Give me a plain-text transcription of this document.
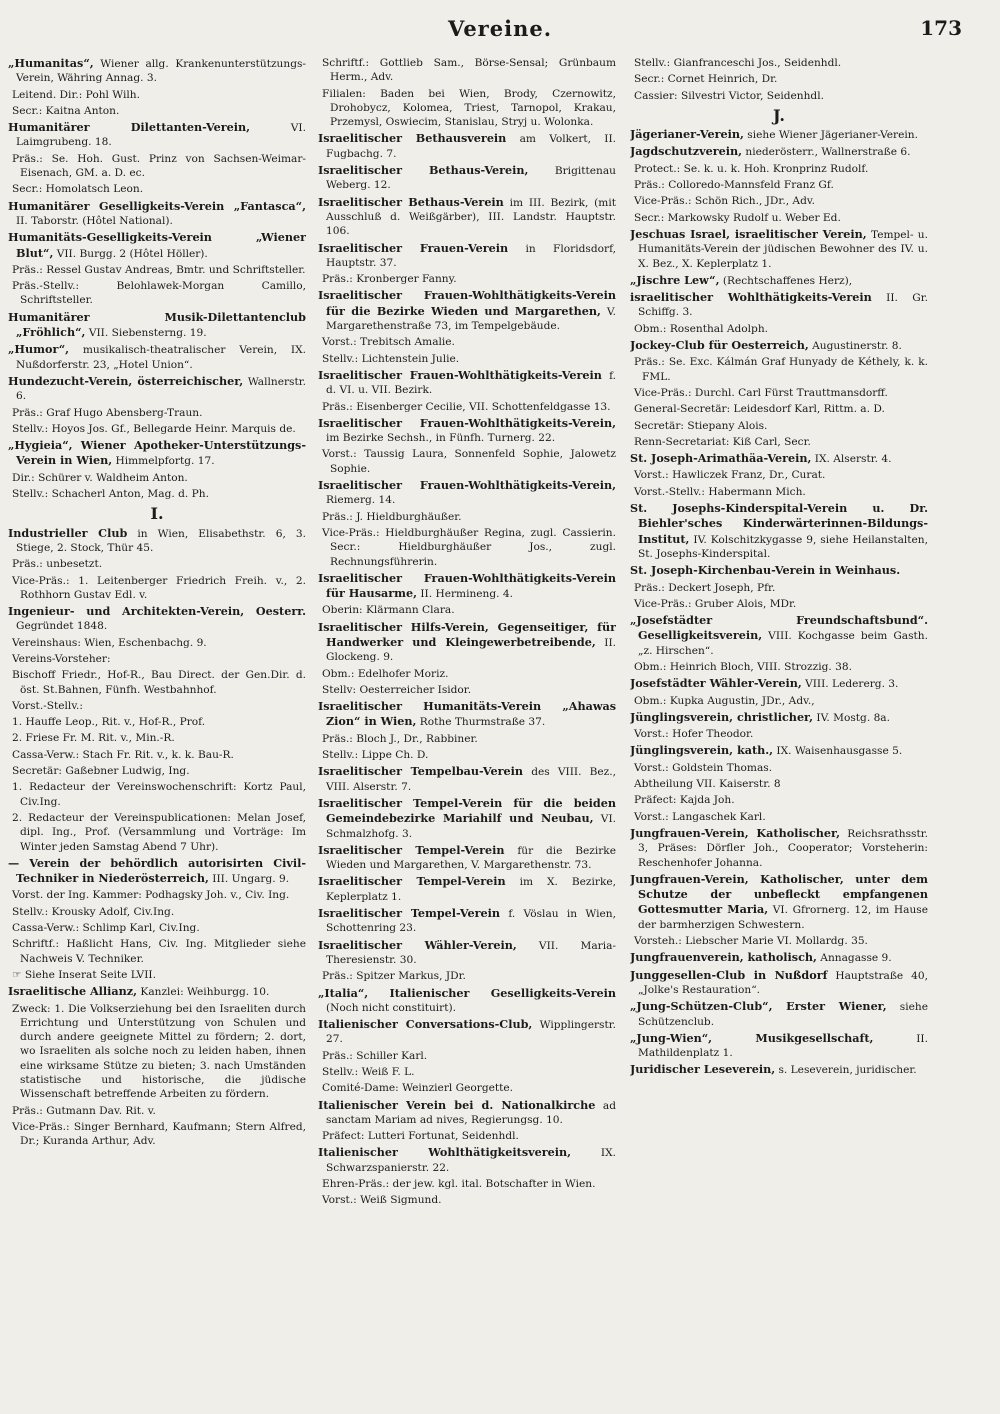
Vereine.	173
„Humanitas“, Wiener allg. Krankenunterstützungs-Verein, Währing Annag. 3.
Leitend. Dir.: Pohl Wilh.
Secr.: Kaitna Anton.
Humanitärer Dilettanten-Verein, VI. Laimgrubeng. 18.
Präs.: Se. Hoh. Gust. Prinz von Sachsen-Weimar-Eisenach, GM. a. D. ec.
Secr.: Homolatsch Leon.
Humanitärer Geselligkeits-Verein „Fantasca“, II. Taborstr. (Hôtel National).
Humanitäts-Geselligkeits-Verein „Wiener Blut“, VII. Burgg. 2 (Hôtel Höller).
Präs.: Ressel Gustav Andreas, Bmtr. und Schriftsteller.
Präs.-Stellv.: Belohlawek-Morgan Camillo, Schriftsteller.
Humanitärer Musik-Dilettantenclub „Fröhlich“, VII. Siebensterng. 19.
„Humor“, musikalisch-theatralischer Verein, IX. Nußdorferstr. 23, „Hotel Union“.
Hundezucht-Verein, österreichischer, Wallnerstr. 6.
Präs.: Graf Hugo Abensberg-Traun.
Stellv.: Hoyos Jos. Gf., Bellegarde Heinr. Marquis de.
„Hygieia“, Wiener Apotheker-Unterstützungs-Verein in Wien, Himmelpfortg. 17.
Dir.: Schürer v. Waldheim Anton.
Stellv.: Schacherl Anton, Mag. d. Ph.
I.
Industrieller Club in Wien, Elisabethstr. 6, 3. Stiege, 2. Stock, Thür 45.
Präs.: unbesetzt.
Vice-Präs.: 1. Leitenberger Friedrich Freih. v., 2. Rothhorn Gustav Edl. v.
Ingenieur- und Architekten-Verein, Oesterr. Gegründet 1848.
Vereinshaus: Wien, Eschenbachg. 9.
Vereins-Vorsteher:
Bischoff Friedr., Hof-R., Bau Direct. der Gen.Dir. d. öst. St.Bahnen, Fünfh. Westbahnhof.
Vorst.-Stellv.:
1. Hauffe Leop., Rit. v., Hof-R., Prof.
2. Friese Fr. M. Rit. v., Min.-R.
Cassa-Verw.: Stach Fr. Rit. v., k. k. Bau-R.
Secretär: Gaßebner Ludwig, Ing.
1. Redacteur der Vereinswochenschrift: Kortz Paul, Civ.Ing.
2. Redacteur der Vereinspublicationen: Melan Josef, dipl. Ing., Prof. (Versammlung und Vorträge: Im Winter jeden Samstag Abend 7 Uhr).
— Verein der behördlich autorisirten Civil-Techniker in Niederösterreich, III. Ungarg. 9.
Vorst. der Ing. Kammer: Podhagsky Joh. v., Civ. Ing.
Stellv.: Krousky Adolf, Civ.Ing.
Cassa-Verw.: Schlimp Karl, Civ.Ing.
Schriftf.: Haßlicht Hans, Civ. Ing. Mitglieder siehe Nachweis V. Techniker.
☞ Siehe Inserat Seite LVII.
Israelitische Allianz, Kanzlei: Weihburgg. 10.
Zweck: 1. Die Volkserziehung bei den Israeliten durch Errichtung und Unterstützung von Schulen und durch andere geeignete Mittel zu fördern; 2. dort, wo Israeliten als solche noch zu leiden haben, ihnen eine wirksame Stütze zu bieten; 3. nach Umständen statistische und historische, die jüdische Wissenschaft betreffende Arbeiten zu fördern.
Präs.: Gutmann Dav. Rit. v.
Vice-Präs.: Singer Bernhard, Kaufmann; Stern Alfred, Dr.; Kuranda Arthur, Adv.
Schriftf.: Gottlieb Sam., Börse-Sensal; Grünbaum Herm., Adv.
Filialen: Baden bei Wien, Brody, Czernowitz, Drohobycz, Kolomea, Triest, Tarnopol, Krakau, Przemysl, Oswiecim, Stanislau, Stryj u. Wolonka.
Israelitischer Bethausverein am Volkert, II. Fugbachg. 7.
Israelitischer Bethaus-Verein, Brigittenau Weberg. 12.
Israelitischer Bethaus-Verein im III. Bezirk, (mit Ausschluß d. Weißgärber), III. Landstr. Hauptstr. 106.
Israelitischer Frauen-Verein in Floridsdorf, Hauptstr. 37.
Präs.: Kronberger Fanny.
Israelitischer Frauen-Wohlthätigkeits-Verein für die Bezirke Wieden und Margarethen, V. Margarethenstraße 73, im Tempelgebäude.
Vorst.: Trebitsch Amalie.
Stellv.: Lichtenstein Julie.
Israelitischer Frauen-Wohlthätigkeits-Verein f. d. VI. u. VII. Bezirk.
Präs.: Eisenberger Cecilie, VII. Schottenfeldgasse 13.
Israelitischer Frauen-Wohlthätigkeits-Verein, im Bezirke Sechsh., in Fünfh. Turnerg. 22.
Vorst.: Taussig Laura, Sonnenfeld Sophie, Jalowetz Sophie.
Israelitischer Frauen-Wohlthätigkeits-Verein, Riemerg. 14.
Präs.: J. Hieldburghäußer.
Vice-Präs.: Hieldburghäußer Regina, zugl. Cassierin. Secr.: Hieldburghäußer Jos., zugl. Rechnungsführerin.
Israelitischer Frauen-Wohlthätigkeits-Verein für Hausarme, II. Hermineng. 4.
Oberin: Klärmann Clara.
Israelitischer Hilfs-Verein, Gegenseitiger, für Handwerker und Kleingewerbetreibende, II. Glockeng. 9.
Obm.: Edelhofer Moriz.
Stellv: Oesterreicher Isidor.
Israelitischer Humanitäts-Verein „Ahawas Zion“ in Wien, Rothe Thurmstraße 37.
Präs.: Bloch J., Dr., Rabbiner.
Stellv.: Lippe Ch. D.
Israelitischer Tempelbau-Verein des VIII. Bez., VIII. Alserstr. 7.
Israelitischer Tempel-Verein für die beiden Gemeindebezirke Mariahilf und Neubau, VI. Schmalzhofg. 3.
Israelitischer Tempel-Verein für die Bezirke Wieden und Margarethen, V. Margarethenstr. 73.
Israelitischer Tempel-Verein im X. Bezirke, Keplerplatz 1.
Israelitischer Tempel-Verein f. Vöslau in Wien, Schottenring 23.
Israelitischer Wähler-Verein, VII. Maria-Theresienstr. 30.
Präs.: Spitzer Markus, JDr.
„Italia“, Italienischer Geselligkeits-Verein (Noch nicht constituirt).
Italienischer Conversations-Club, Wipplingerstr. 27.
Präs.: Schiller Karl.
Stellv.: Weiß F. L.
Comité-Dame: Weinzierl Georgette.
Italienischer Verein bei d. Nationalkirche ad sanctam Mariam ad nives, Regierungsg. 10.
Präfect: Lutteri Fortunat, Seidenhdl.
Italienischer Wohlthätigkeitsverein, IX. Schwarzspanierstr. 22.
Ehren-Präs.: der jew. kgl. ital. Botschafter in Wien.
Vorst.: Weiß Sigmund.
Stellv.: Gianfranceschi Jos., Seidenhdl.
Secr.: Cornet Heinrich, Dr.
Cassier: Silvestri Victor, Seidenhdl.
J.
Jägerianer-Verein, siehe Wiener Jägerianer-Verein.
Jagdschutzverein, niederösterr., Wallnerstraße 6.
Protect.: Se. k. u. k. Hoh. Kronprinz Rudolf.
Präs.: Colloredo-Mannsfeld Franz Gf.
Vice-Präs.: Schön Rich., JDr., Adv.
Secr.: Markowsky Rudolf u. Weber Ed.
Jeschuas Israel, israelitischer Verein, Tempel- u. Humanitäts-Verein der jüdischen Bewohner des IV. u. X. Bez., X. Keplerplatz 1.
„Jischre Lew“, (Rechtschaffenes Herz),
israelitischer Wohlthätigkeits-Verein II. Gr. Schiffg. 3.
Obm.: Rosenthal Adolph.
Jockey-Club für Oesterreich, Augustinerstr. 8.
Präs.: Se. Exc. Kálmán Graf Hunyady de Kéthely, k. k. FML.
Vice-Präs.: Durchl. Carl Fürst Trauttmansdorff.
General-Secretär: Leidesdorf Karl, Rittm. a. D.
Secretär: Stiepany Alois.
Renn-Secretariat: Kiß Carl, Secr.
St. Joseph-Arimathäa-Verein, IX. Alserstr. 4.
Vorst.: Hawliczek Franz, Dr., Curat.
Vorst.-Stellv.: Habermann Mich.
St. Josephs-Kinderspital-Verein u. Dr. Biehler'sches Kinderwärterinnen-Bildungs-Institut, IV. Kolschitzkygasse 9, siehe Heilanstalten, St. Josephs-Kinderspital.
St. Joseph-Kirchenbau-Verein in Weinhaus.
Präs.: Deckert Joseph, Pfr.
Vice-Präs.: Gruber Alois, MDr.
„Josefstädter Freundschaftsbund“. Geselligkeitsverein, VIII. Kochgasse beim Gasth. „z. Hirschen“.
Obm.: Heinrich Bloch, VIII. Strozzig. 38.
Josefstädter Wähler-Verein, VIII. Ledererg. 3.
Obm.: Kupka Augustin, JDr., Adv.,
Jünglingsverein, christlicher, IV. Mostg. 8a.
Vorst.: Hofer Theodor.
Jünglingsverein, kath., IX. Waisenhausgasse 5.
Vorst.: Goldstein Thomas.
Abtheilung VII. Kaiserstr. 8
Präfect: Kajda Joh.
Vorst.: Langaschek Karl.
Jungfrauen-Verein, Katholischer, Reichsrathsstr. 3, Präses: Dörfler Joh., Cooperator; Vorsteherin: Reschenhofer Johanna.
Jungfrauen-Verein, Katholischer, unter dem Schutze der unbefleckt empfangenen Gottesmutter Maria, VI. Gfrornerg. 12, im Hause der barmherzigen Schwestern.
Vorsteh.: Liebscher Marie VI. Mollardg. 35.
Jungfrauenverein, katholisch, Annagasse 9.
Junggesellen-Club in Nußdorf Hauptstraße 40, „Jolke's Restauration“.
„Jung-Schützen-Club“, Erster Wiener, siehe Schützenclub.
„Jung-Wien“, Musikgesellschaft, II. Mathildenplatz 1.
Juridischer Leseverein, s. Leseverein, juridischer.
